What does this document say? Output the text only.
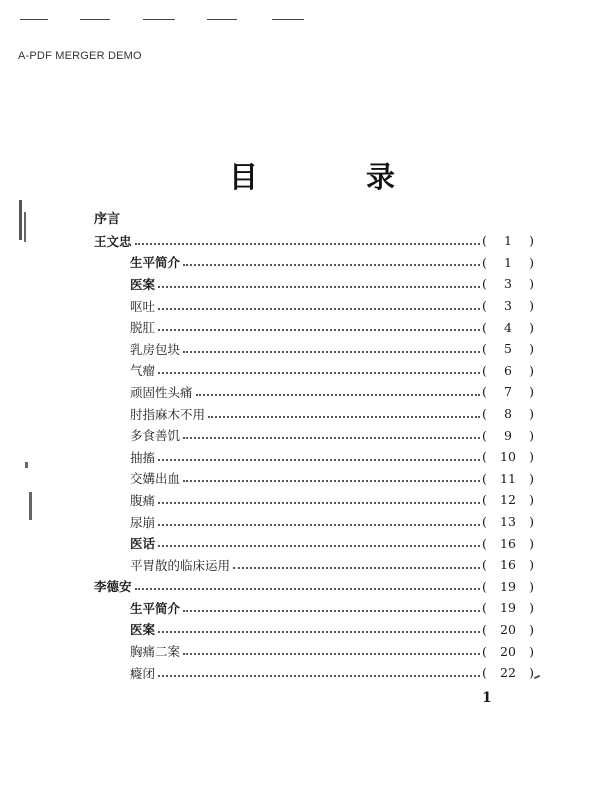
A-PDF MERGER DEMO
目	录
序言
王文忠	(	1	)
生平简介	(	1	)
医案	(	3	)
呕吐	(	3	)
脱肛	(	4	)
乳房包块	(	5	)
气瘤	(	6	)
顽固性头痛	(	7	)
肘指麻木不用	(	8	)
多食善饥	(	9	)
抽搐	(	10	)
交媾出血	(	11	)
腹痛	(	12	)
尿崩	(	13	)
医话	(	16	)
平胃散的临床运用	(	16	)
李德安	(	19	)
生平简介	(	19	)
医案	(	20	)
胸痛二案	(	20	)
癃闭	(	22	)
1
